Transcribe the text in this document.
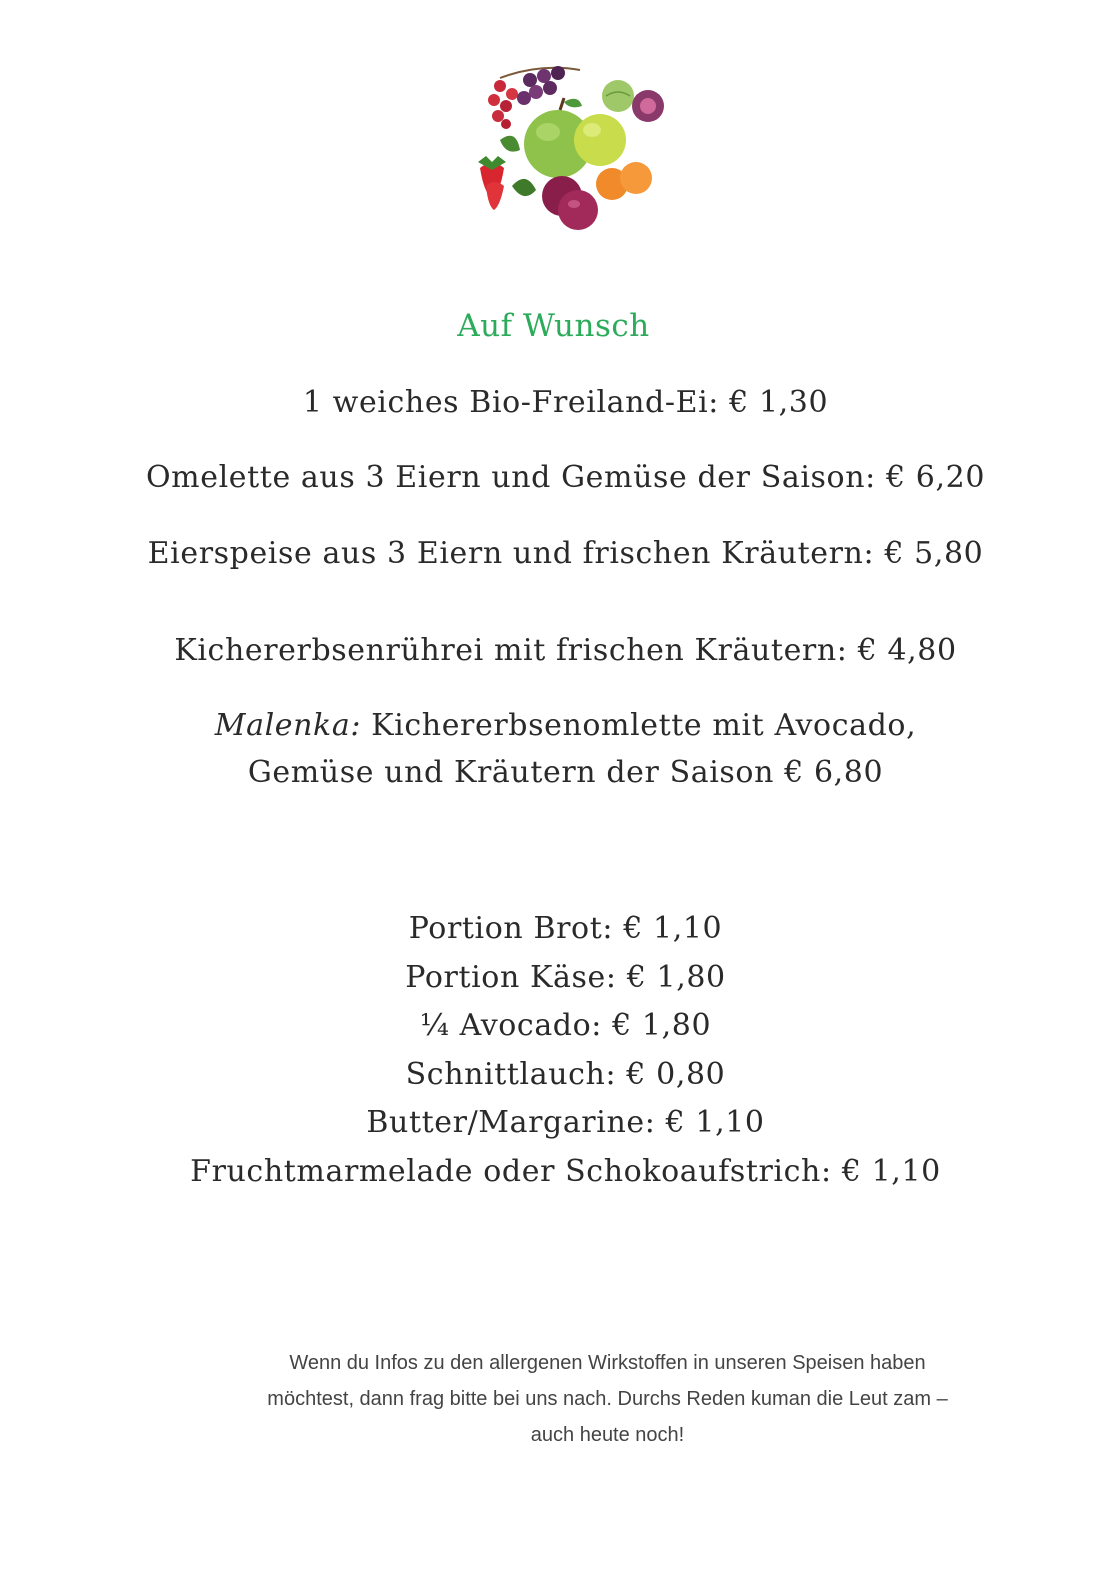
Auf Wunsch
1 weiches Bio-Freiland-Ei: € 1,30
Omelette aus 3 Eiern und Gemüse der Saison: € 6,20
Eierspeise aus 3 Eiern und frischen Kräutern: € 5,80
Kichererbsenrührei mit frischen Kräutern: € 4,80
Malenka: Kichererbsenomlette mit Avocado,
Gemüse und Kräutern der Saison € 6,80
Portion Brot: € 1,10
Portion Käse: € 1,80
¼ Avocado: € 1,80
Schnittlauch: € 0,80
Butter/Margarine: € 1,10
Fruchtmarmelade oder Schokoaufstrich: € 1,10
Wenn du Infos zu den allergenen Wirkstoffen in unseren Speisen haben
möchtest, dann frag bitte bei uns nach. Durchs Reden kuman die Leut zam –
auch heute noch!
